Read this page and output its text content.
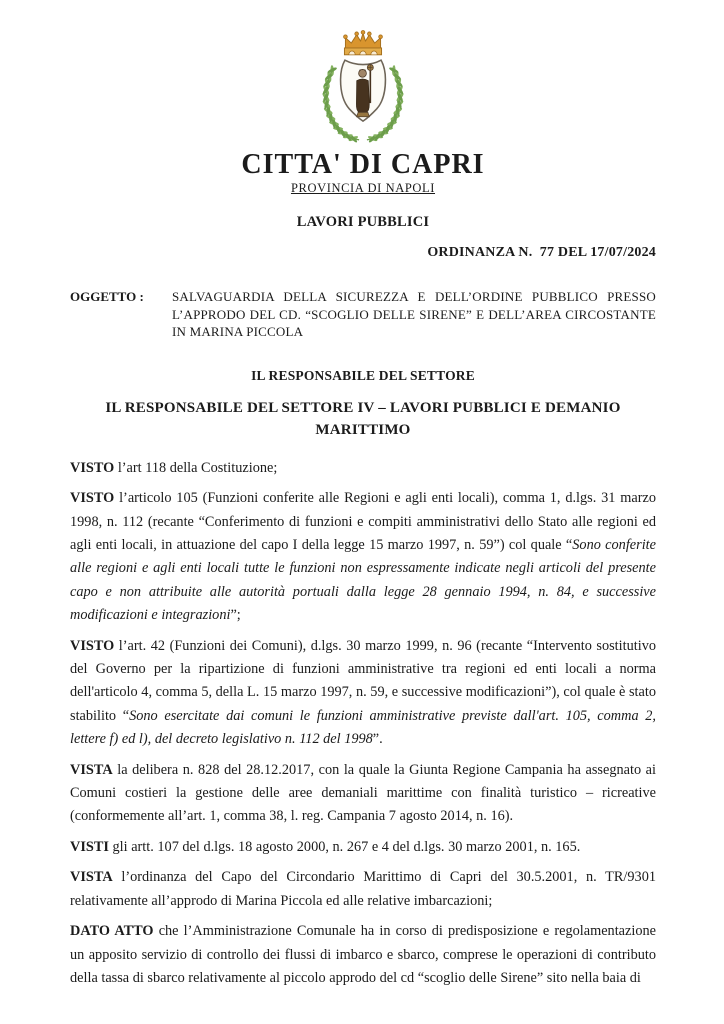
CITTA' DI CAPRI
PROVINCIA DI NAPOLI
LAVORI PUBBLICI
ORDINANZA N.  77 DEL 17/07/2024
OGGETTO :	SALVAGUARDIA DELLA SICUREZZA E DELL’ORDINE PUBBLICO PRESSO L’APPRODO DEL CD. “SCOGLIO DELLE SIRENE” E DELL’AREA CIRCOSTANTE IN MARINA PICCOLA
IL RESPONSABILE DEL SETTORE
IL RESPONSABILE DEL SETTORE IV – LAVORI PUBBLICI E DEMANIO MARITTIMO

VISTO l’art 118 della Costituzione;

VISTO l’articolo 105 (Funzioni conferite alle Regioni e agli enti locali), comma 1, d.lgs. 31 marzo 1998, n. 112 (recante “Conferimento di funzioni e compiti amministrativi dello Stato alle regioni ed agli enti locali, in attuazione del capo I della legge 15 marzo 1997, n. 59”) col quale “Sono conferite alle regioni e agli enti locali tutte le funzioni non espressamente indicate negli articoli del presente capo e non attribuite alle autorità portuali dalla legge 28 gennaio 1994, n. 84, e successive modificazioni e integrazioni”;

VISTO l’art. 42 (Funzioni dei Comuni), d.lgs. 30 marzo 1999, n. 96 (recante “Intervento sostitutivo del Governo per la ripartizione di funzioni amministrative tra regioni ed enti locali a norma dell'articolo 4, comma 5, della L. 15 marzo 1997, n. 59, e successive modificazioni”), col quale è stato stabilito “Sono esercitate dai comuni le funzioni amministrative previste dall'art. 105, comma 2, lettere f) ed l), del decreto legislativo n. 112 del 1998”.

VISTA la delibera n. 828 del 28.12.2017, con la quale la Giunta Regione Campania ha assegnato ai Comuni costieri la gestione delle aree demaniali marittime con finalità turistico – ricreative (conformemente all’art. 1, comma 38, l. reg. Campania 7 agosto 2014, n. 16).

VISTI gli artt. 107 del d.lgs. 18 agosto 2000, n. 267 e 4 del d.lgs. 30 marzo 2001, n. 165.

VISTA l’ordinanza del Capo del Circondario Marittimo di Capri del 30.5.2001, n. TR/9301 relativamente all’approdo di Marina Piccola ed alle relative imbarcazioni;

DATO ATTO che l’Amministrazione Comunale ha in corso di predisposizione e regolamentazione un apposito servizio di controllo dei flussi di imbarco e sbarco, comprese le operazioni di contributo della tassa di sbarco relativamente al piccolo approdo del cd “scoglio delle Sirene” sito nella baia di
